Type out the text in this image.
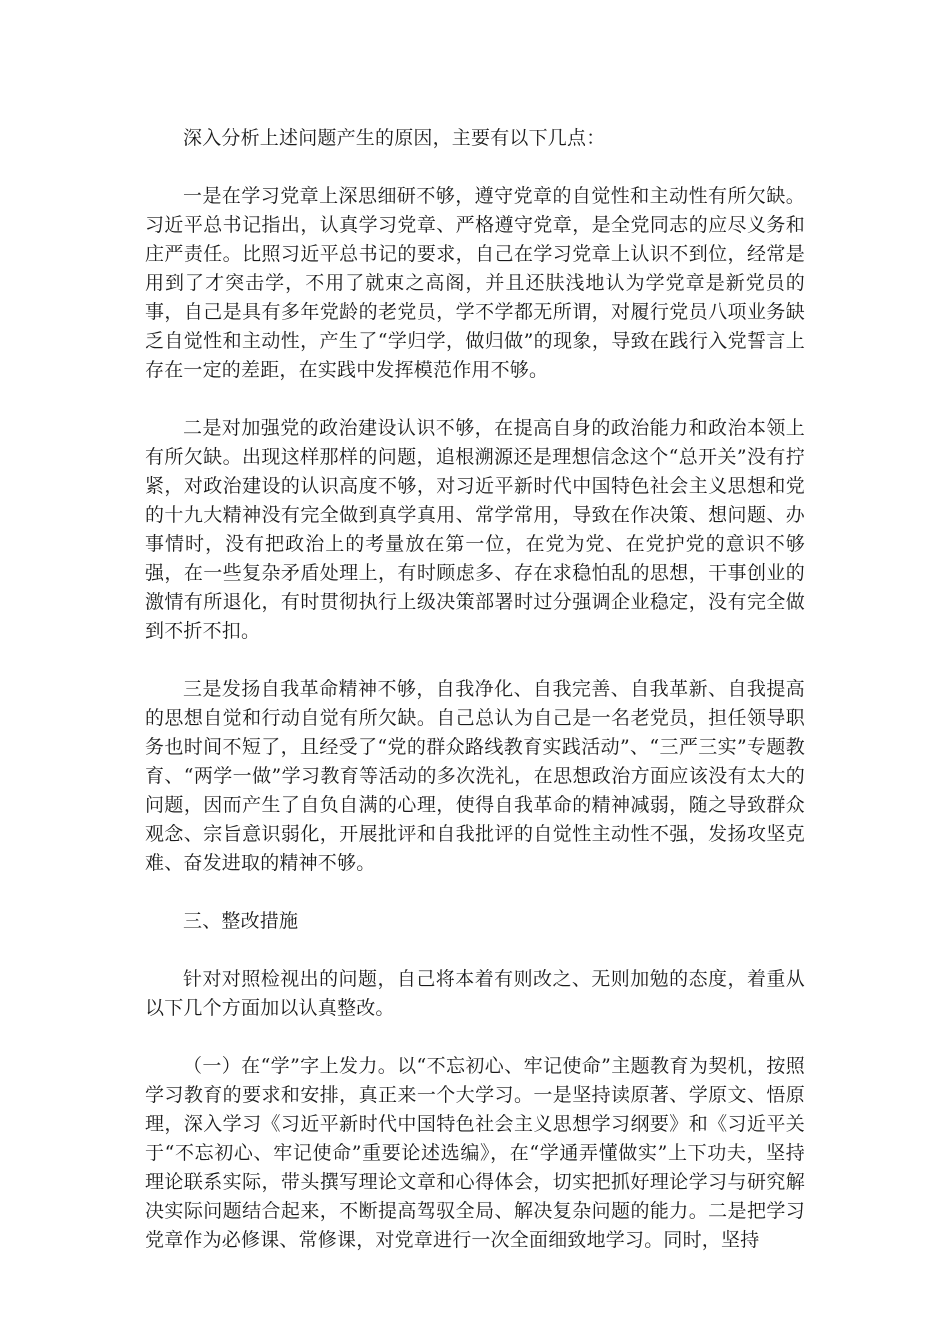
深入分析上述问题产生的原因，主要有以下几点：

一是在学习党章上深思细研不够，遵守党章的自觉性和主动性有所欠缺。习近平总书记指出，认真学习党章、严格遵守党章，是全党同志的应尽义务和庄严责任。比照习近平总书记的要求，自己在学习党章上认识不到位，经常是用到了才突击学，不用了就束之高阁，并且还肤浅地认为学党章是新党员的事，自己是具有多年党龄的老党员，学不学都无所谓，对履行党员八项业务缺乏自觉性和主动性，产生了“学归学，做归做”的现象，导致在践行入党誓言上存在一定的差距，在实践中发挥模范作用不够。

二是对加强党的政治建设认识不够，在提高自身的政治能力和政治本领上有所欠缺。出现这样那样的问题，追根溯源还是理想信念这个“总开关”没有拧紧，对政治建设的认识高度不够，对习近平新时代中国特色社会主义思想和党的十九大精神没有完全做到真学真用、常学常用，导致在作决策、想问题、办事情时，没有把政治上的考量放在第一位，在党为党、在党护党的意识不够强，在一些复杂矛盾处理上，有时顾虑多、存在求稳怕乱的思想，干事创业的激情有所退化，有时贯彻执行上级决策部署时过分强调企业稳定，没有完全做到不折不扣。

三是发扬自我革命精神不够，自我净化、自我完善、自我革新、自我提高的思想自觉和行动自觉有所欠缺。自己总认为自己是一名老党员，担任领导职务也时间不短了，且经受了“党的群众路线教育实践活动”、“三严三实”专题教育、“两学一做”学习教育等活动的多次洗礼，在思想政治方面应该没有太大的问题，因而产生了自负自满的心理，使得自我革命的精神减弱，随之导致群众观念、宗旨意识弱化，开展批评和自我批评的自觉性主动性不强，发扬攻坚克难、奋发进取的精神不够。

三、整改措施

针对对照检视出的问题，自己将本着有则改之、无则加勉的态度，着重从以下几个方面加以认真整改。

（一）在“学”字上发力。以“不忘初心、牢记使命”主题教育为契机，按照学习教育的要求和安排，真正来一个大学习。一是坚持读原著、学原文、悟原理，深入学习《习近平新时代中国特色社会主义思想学习纲要》和《习近平关于“不忘初心、牢记使命”重要论述选编》，在“学通弄懂做实”上下功夫，坚持理论联系实际，带头撰写理论文章和心得体会，切实把抓好理论学习与研究解决实际问题结合起来，不断提高驾驭全局、解决复杂问题的能力。二是把学习党章作为必修课、常修课，对党章进行一次全面细致地学习。同时，坚持
